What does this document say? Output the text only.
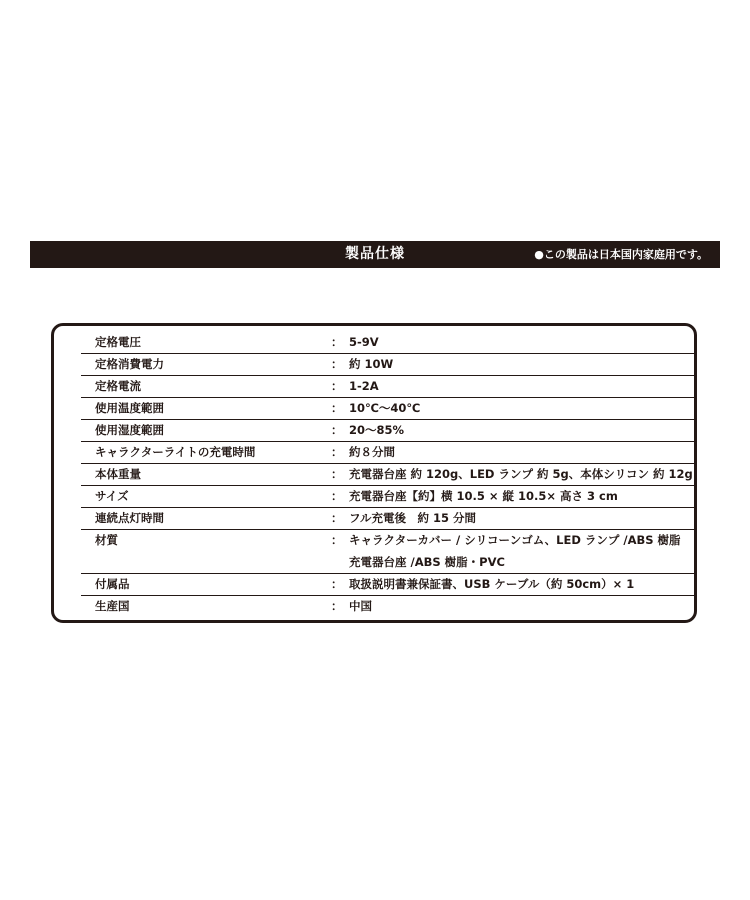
製品仕様	●この製品は日本国内家庭用です。
定格電圧	： 5-9V
定格消費電力	： 約 10W
定格電流	： 1-2A
使用温度範囲	： 10℃～40℃
使用湿度範囲	： 20～85%
キャラクターライトの充電時間	： 約８分間
本体重量	： 充電器台座 約 120g、LED ランプ 約 5g、本体シリコン 約 12g
サイズ	： 充電器台座【約】横 10.5 × 縦 10.5× 高さ 3 cm
連続点灯時間	： フル充電後　約 15 分間
材質	： キャラクターカバー / シリコーンゴム、LED ランプ /ABS 樹脂
充電器台座 /ABS 樹脂・PVC
付属品	： 取扱説明書兼保証書、USB ケーブル（約 50cm）× 1
生産国	： 中国
